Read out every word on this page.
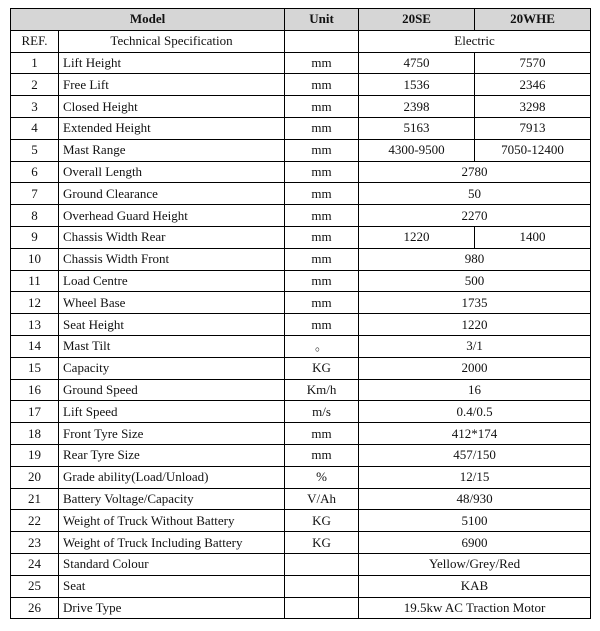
Model		Unit	20SE	20WHE
REF.	Technical Specification		Electric	
1	Lift Height	mm	4750	7570
2	Free Lift	mm	1536	2346
3	Closed Height	mm	2398	3298
4	Extended Height	mm	5163	7913
5	Mast Range	mm	4300-9500	7050-12400
6	Overall Length	mm	2780	
7	Ground Clearance	mm	50	
8	Overhead Guard Height	mm	2270	
9	Chassis Width Rear	mm	1220	1400
10	Chassis Width Front	mm	980	
11	Load Centre	mm	500	
12	Wheel Base	mm	1735	
13	Seat Height	mm	1220	
14	Mast Tilt	。	3/1	
15	Capacity	KG	2000	
16	Ground Speed	Km/h	16	
17	Lift Speed	m/s	0.4/0.5	
18	Front Tyre Size	mm	412*174	
19	Rear Tyre Size	mm	457/150	
20	Grade ability(Load/Unload)	%	12/15	
21	Battery Voltage/Capacity	V/Ah	48/930	
22	Weight of Truck Without Battery	KG	5100	
23	Weight of Truck Including Battery	KG	6900	
24	Standard Colour		Yellow/Grey/Red	
25	Seat		KAB	
26	Drive Type		19.5kw AC Traction Motor	
